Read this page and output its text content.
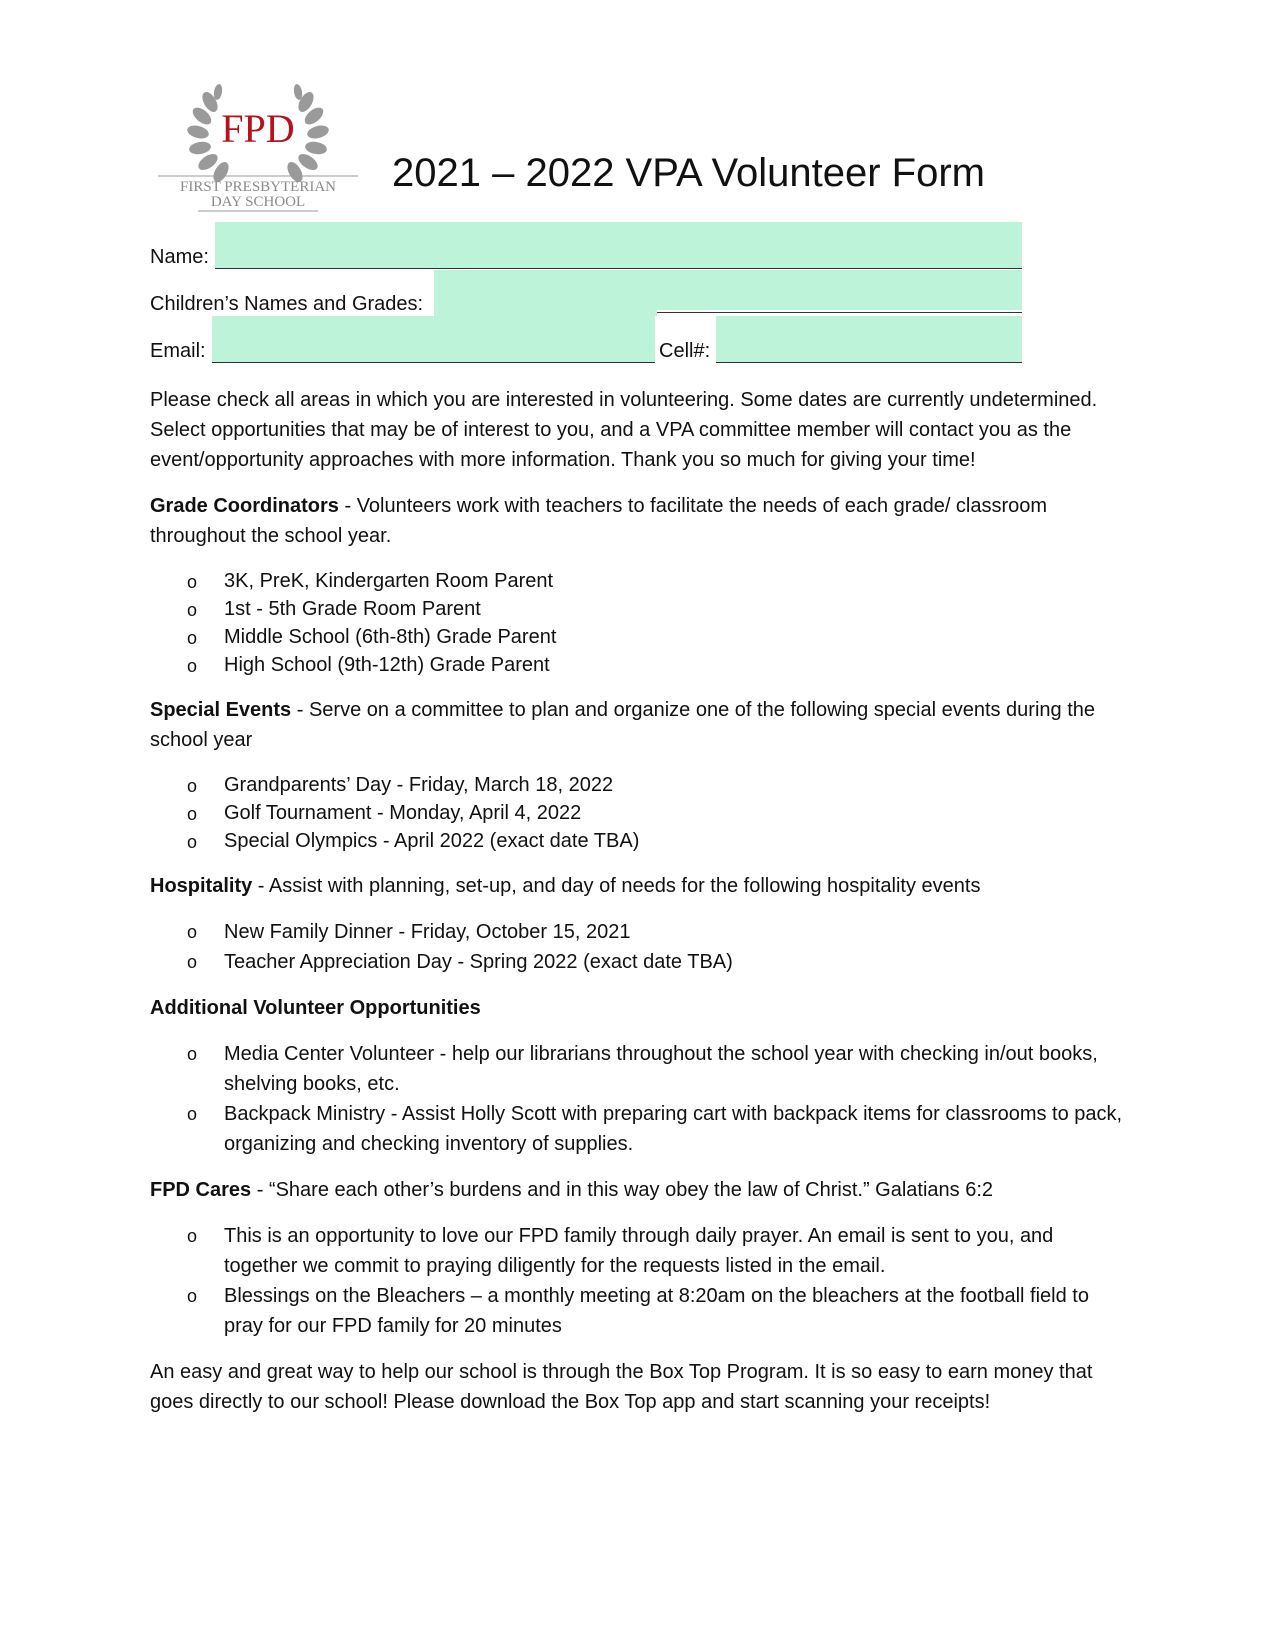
FPD
FIRST PRESBYTERIAN
DAY SCHOOL
2021 – 2022 VPA Volunteer Form
Name:
Children’s Names and Grades:
Email:	Cell#:

Please check all areas in which you are interested in volunteering. Some dates are currently undetermined. Select opportunities that may be of interest to you, and a VPA committee member will contact you as the event/opportunity approaches with more information. Thank you so much for giving your time!

Grade Coordinators - Volunteers work with teachers to facilitate the needs of each grade/ classroom throughout the school year.

o 3K, PreK, Kindergarten Room Parent
o 1st - 5th Grade Room Parent
o Middle School (6th-8th) Grade Parent
o High School (9th-12th) Grade Parent

Special Events - Serve on a committee to plan and organize one of the following special events during the school year

o Grandparents’ Day - Friday, March 18, 2022
o Golf Tournament - Monday, April 4, 2022
o Special Olympics - April 2022 (exact date TBA)

Hospitality - Assist with planning, set-up, and day of needs for the following hospitality events

o New Family Dinner - Friday, October 15, 2021
o Teacher Appreciation Day - Spring 2022 (exact date TBA)

Additional Volunteer Opportunities

o Media Center Volunteer - help our librarians throughout the school year with checking in/out books, shelving books, etc.
o Backpack Ministry - Assist Holly Scott with preparing cart with backpack items for classrooms to pack, organizing and checking inventory of supplies.

FPD Cares - “Share each other’s burdens and in this way obey the law of Christ.” Galatians 6:2

o This is an opportunity to love our FPD family through daily prayer. An email is sent to you, and together we commit to praying diligently for the requests listed in the email.
o Blessings on the Bleachers – a monthly meeting at 8:20am on the bleachers at the football field to pray for our FPD family for 20 minutes

An easy and great way to help our school is through the Box Top Program. It is so easy to earn money that goes directly to our school! Please download the Box Top app and start scanning your receipts!
